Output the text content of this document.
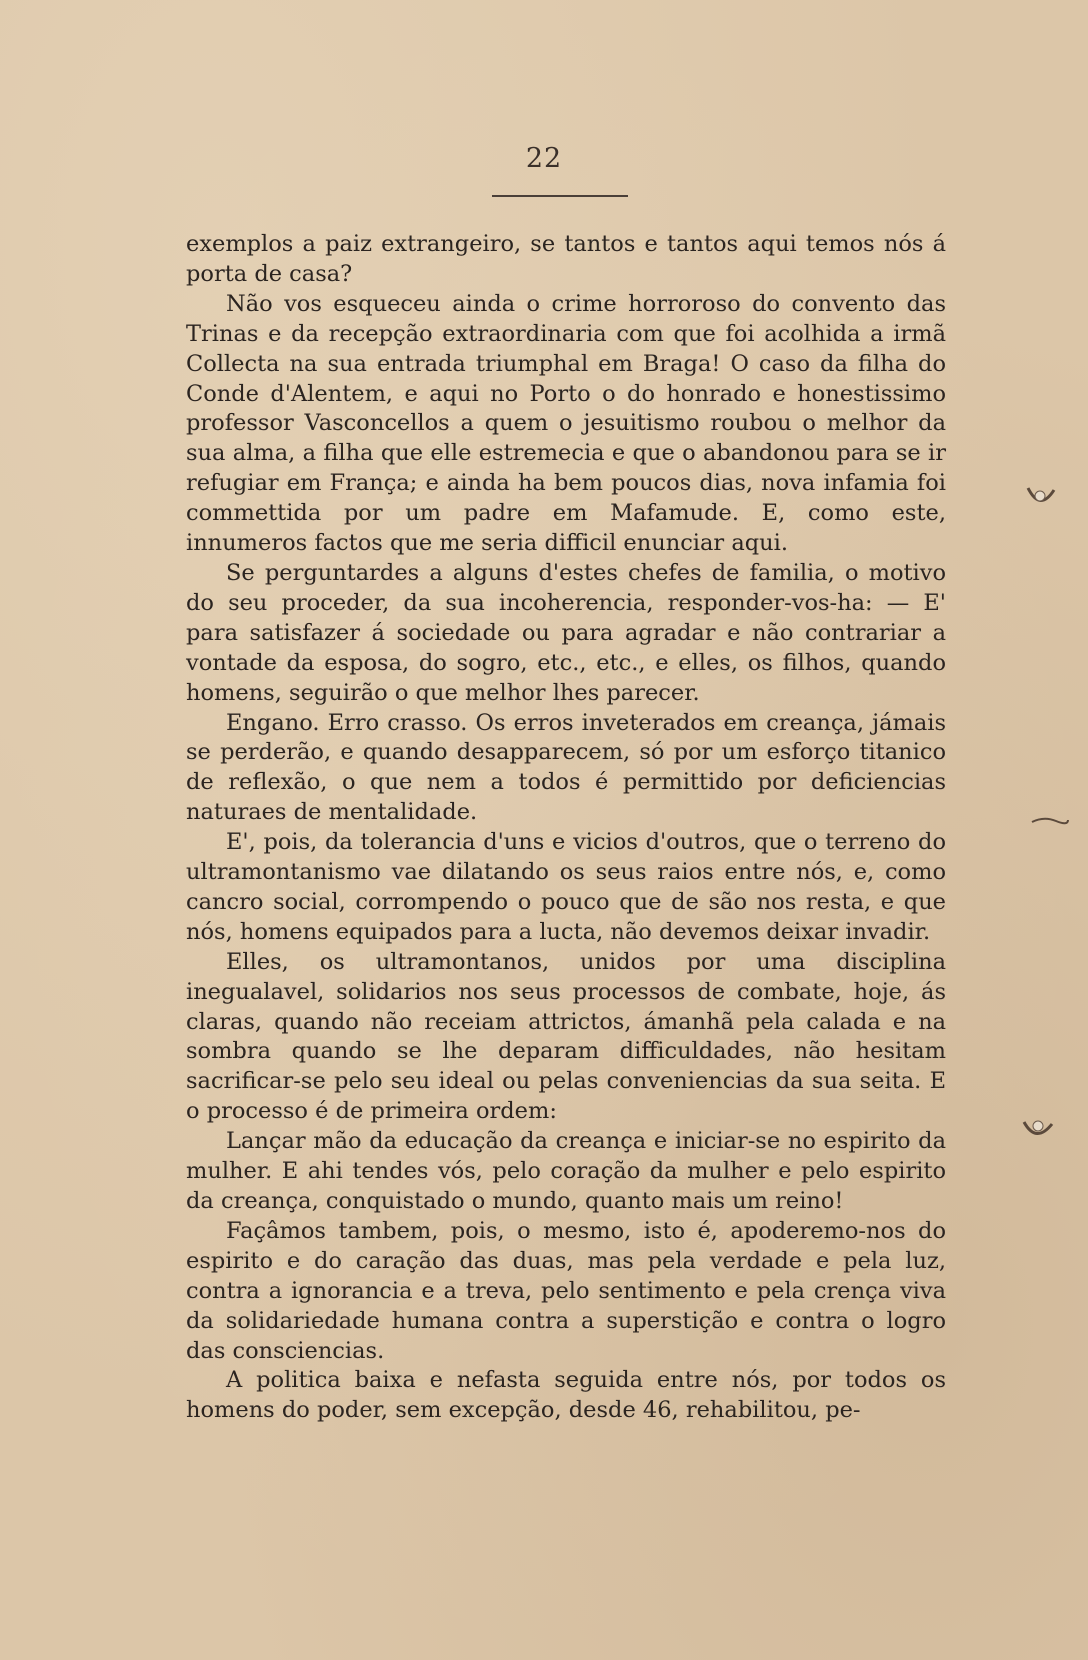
22

exemplos a paiz extrangeiro, se tantos e tantos aqui temos nós á porta de casa?

Não vos esqueceu ainda o crime horroroso do convento das Trinas e da recepção extraordinaria com que foi acolhida a irmã Collecta na sua entrada triumphal em Braga! O caso da filha do Conde d'Alentem, e aqui no Porto o do honrado e honestissimo professor Vasconcellos a quem o jesuitismo roubou o melhor da sua alma, a filha que elle estremecia e que o abandonou para se ir refugiar em França; e ainda ha bem poucos dias, nova infamia foi commettida por um padre em Mafamude. E, como este, innumeros factos que me seria difficil enunciar aqui.

Se perguntardes a alguns d'estes chefes de familia, o motivo do seu proceder, da sua incoherencia, responder-vos-ha: — E' para satisfazer á sociedade ou para agradar e não contrariar a vontade da esposa, do sogro, etc., etc., e elles, os filhos, quando homens, seguirão o que melhor lhes parecer.

Engano. Erro crasso. Os erros inveterados em creança, jámais se perderão, e quando desapparecem, só por um esforço titanico de reflexão, o que nem a todos é permittido por deficiencias naturaes de mentalidade.

E', pois, da tolerancia d'uns e vicios d'outros, que o terreno do ultramontanismo vae dilatando os seus raios entre nós, e, como cancro social, corrompendo o pouco que de são nos resta, e que nós, homens equipados para a lucta, não devemos deixar invadir.

Elles, os ultramontanos, unidos por uma disciplina inegualavel, solidarios nos seus processos de combate, hoje, ás claras, quando não receiam attrictos, ámanhã pela calada e na sombra quando se lhe deparam difficuldades, não hesitam sacrificar-se pelo seu ideal ou pelas conveniencias da sua seita. E o processo é de primeira ordem:

Lançar mão da educação da creança e iniciar-se no espirito da mulher. E ahi tendes vós, pelo coração da mulher e pelo espirito da creança, conquistado o mundo, quanto mais um reino!

Façâmos tambem, pois, o mesmo, isto é, apoderemo-nos do espirito e do caração das duas, mas pela verdade e pela luz, contra a ignorancia e a treva, pelo sentimento e pela crença viva da solidariedade humana contra a superstição e contra o logro das consciencias.

A politica baixa e nefasta seguida entre nós, por todos os homens do poder, sem excepção, desde 46, rehabilitou, pe-
